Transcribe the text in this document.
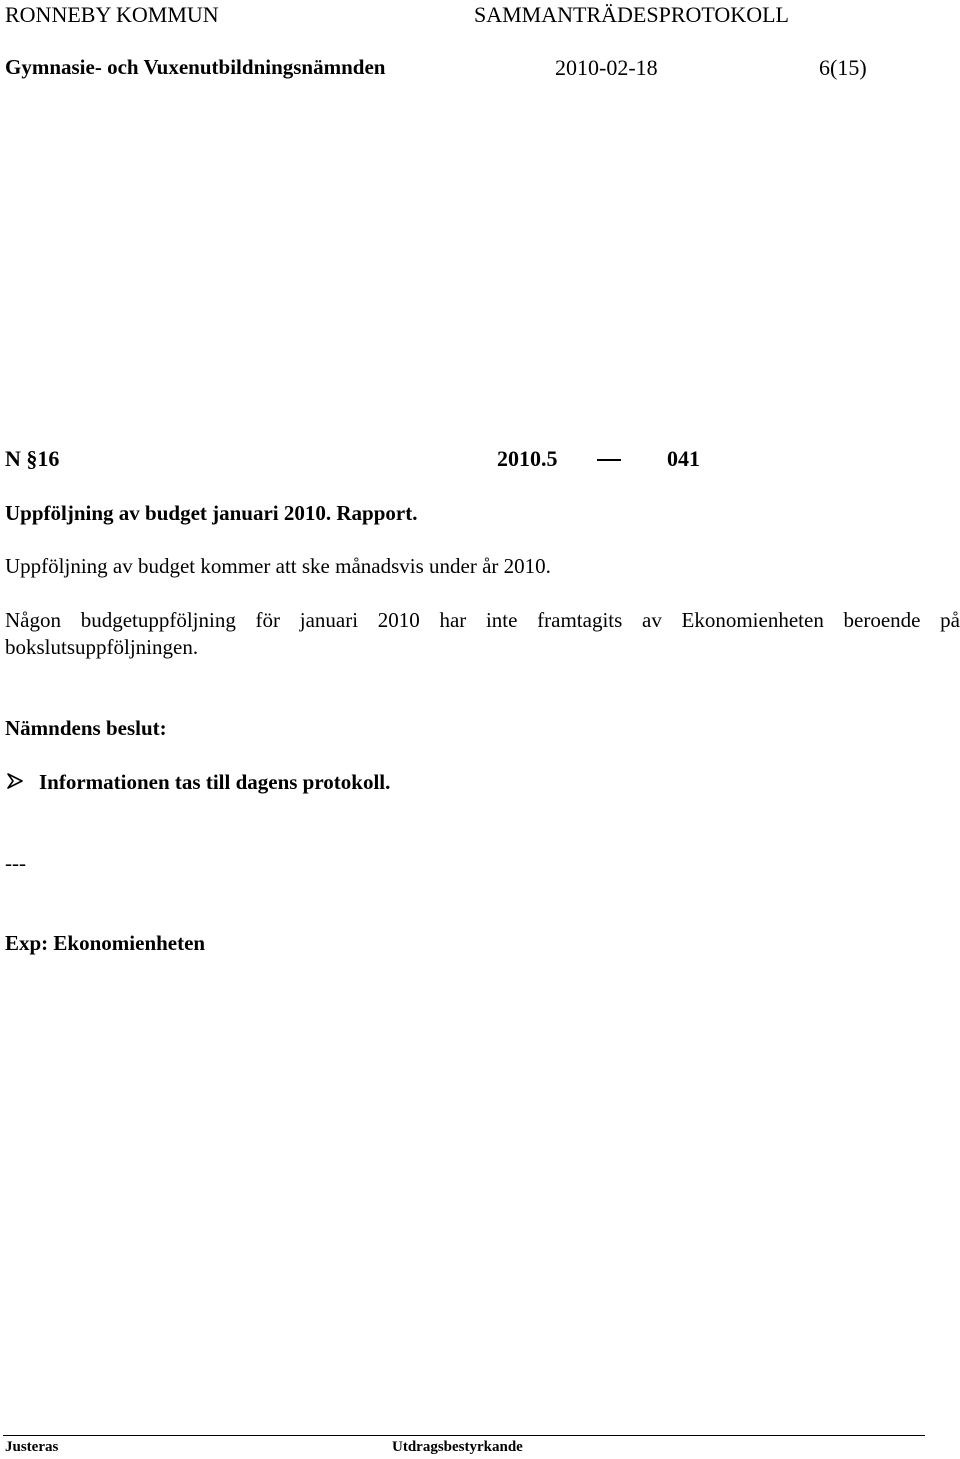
RONNEBY KOMMUN	SAMMANTRÄDESPROTOKOLL
Gymnasie- och Vuxenutbildningsnämnden	2010-02-18	6(15)
N §16	2010.5	041
Uppföljning av budget januari 2010. Rapport.
Uppföljning av budget kommer att ske månadsvis under år 2010.
Någon budgetuppföljning för januari 2010 har inte framtagits av Ekonomienheten beroende på
bokslutsuppföljningen.
Nämndens beslut:
Informationen tas till dagens protokoll.
---
Exp: Ekonomienheten
Justeras	Utdragsbestyrkande
